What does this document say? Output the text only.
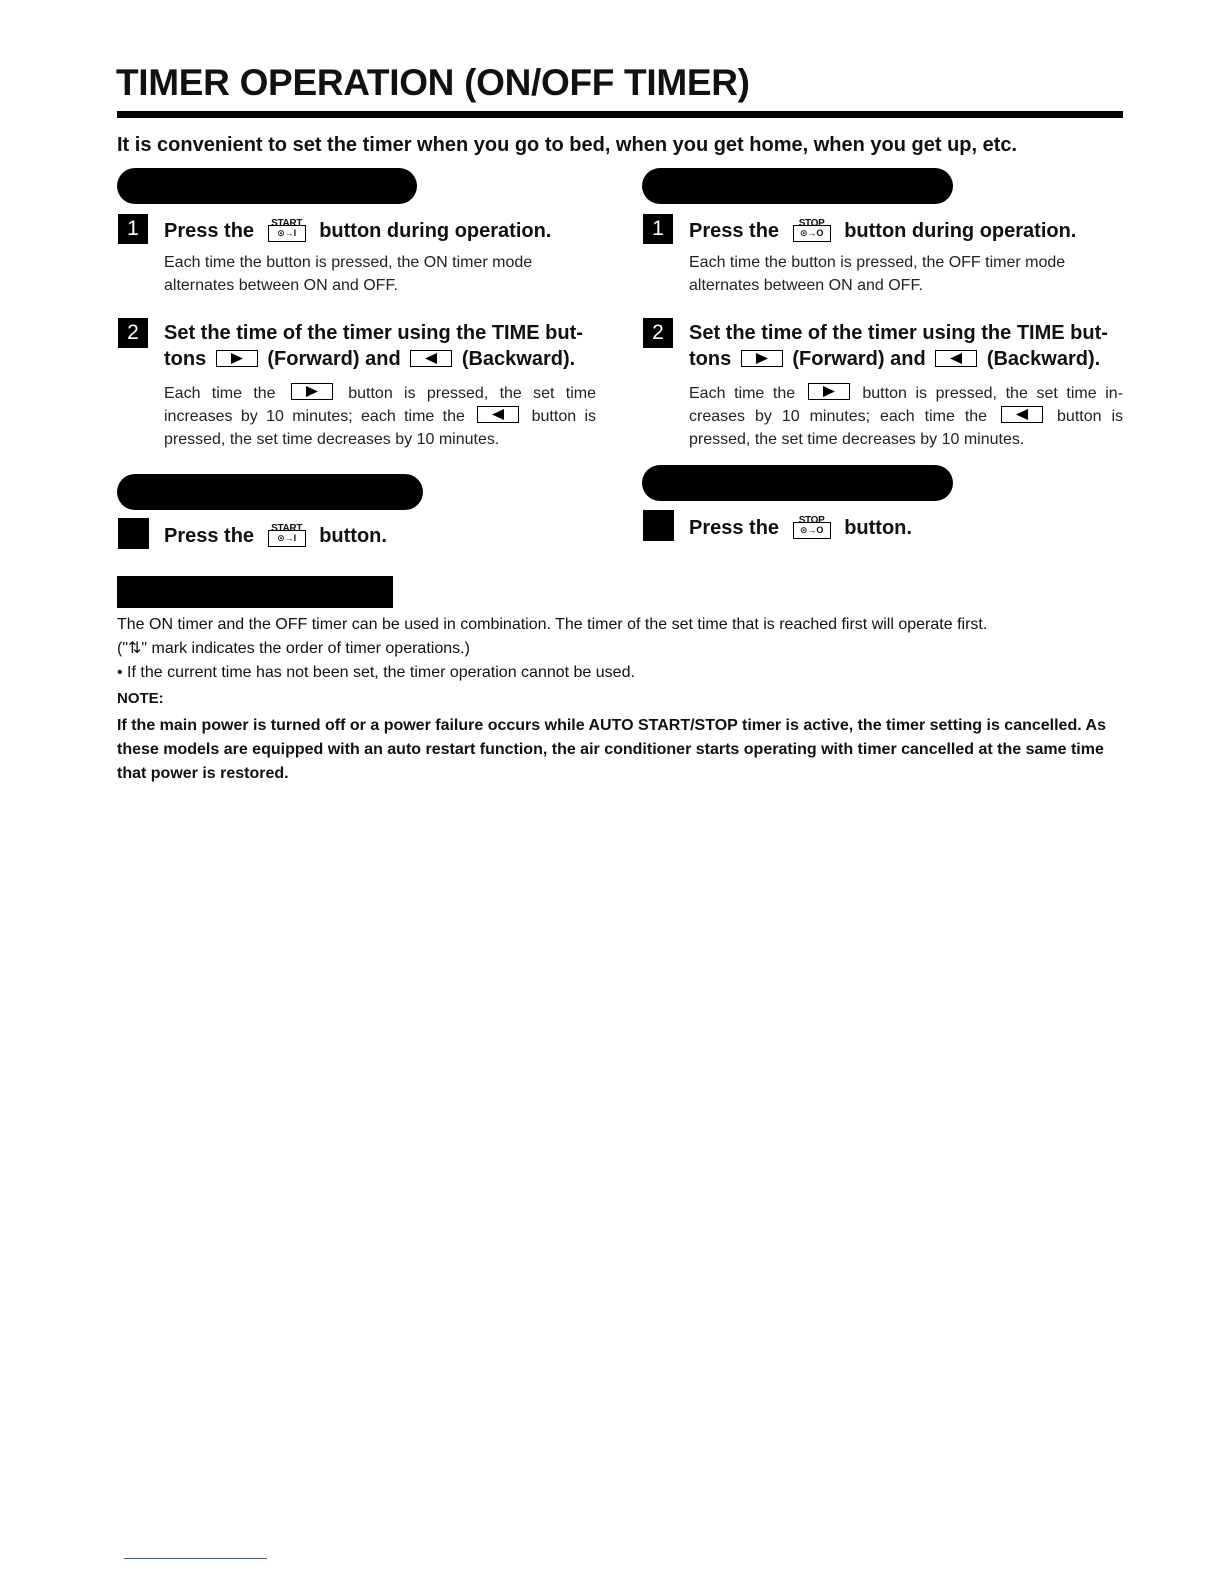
TIMER OPERATION (ON/OFF TIMER)
It is convenient to set the timer when you go to bed, when you get home, when you get up, etc.
1	Press the	START
⊙→I	button during operation.
Each time the button is pressed, the ON timer mode alternates between ON and OFF.
2	Set the time of the timer using the TIME but-
tons	(Forward) and	(Backward).
Each time the	button is pressed, the set time increases by 10 minutes; each time the	button is pressed, the set time decreases by 10 minutes.
Press the	START
⊙→I	button.
1	Press the	STOP
⊙→O	button during operation.
Each time the button is pressed, the OFF timer mode alternates between ON and OFF.
2	Set the time of the timer using the TIME but-
tons	(Forward) and	(Backward).
Each time the	button is pressed, the set time in- creases by 10 minutes; each time the	button is pressed, the set time decreases by 10 minutes.
Press the	STOP
⊙→O	button.
The ON timer and the OFF timer can be used in combination. The timer of the set time that is reached first will operate first.
("⇅" mark indicates the order of timer operations.)
• If the current time has not been set, the timer operation cannot be used.
NOTE:
If the main power is turned off or a power failure occurs while AUTO START/STOP timer is active, the timer setting is cancelled. As these models are equipped with an auto restart function, the air conditioner starts operating with timer cancelled at the same time that power is restored.
